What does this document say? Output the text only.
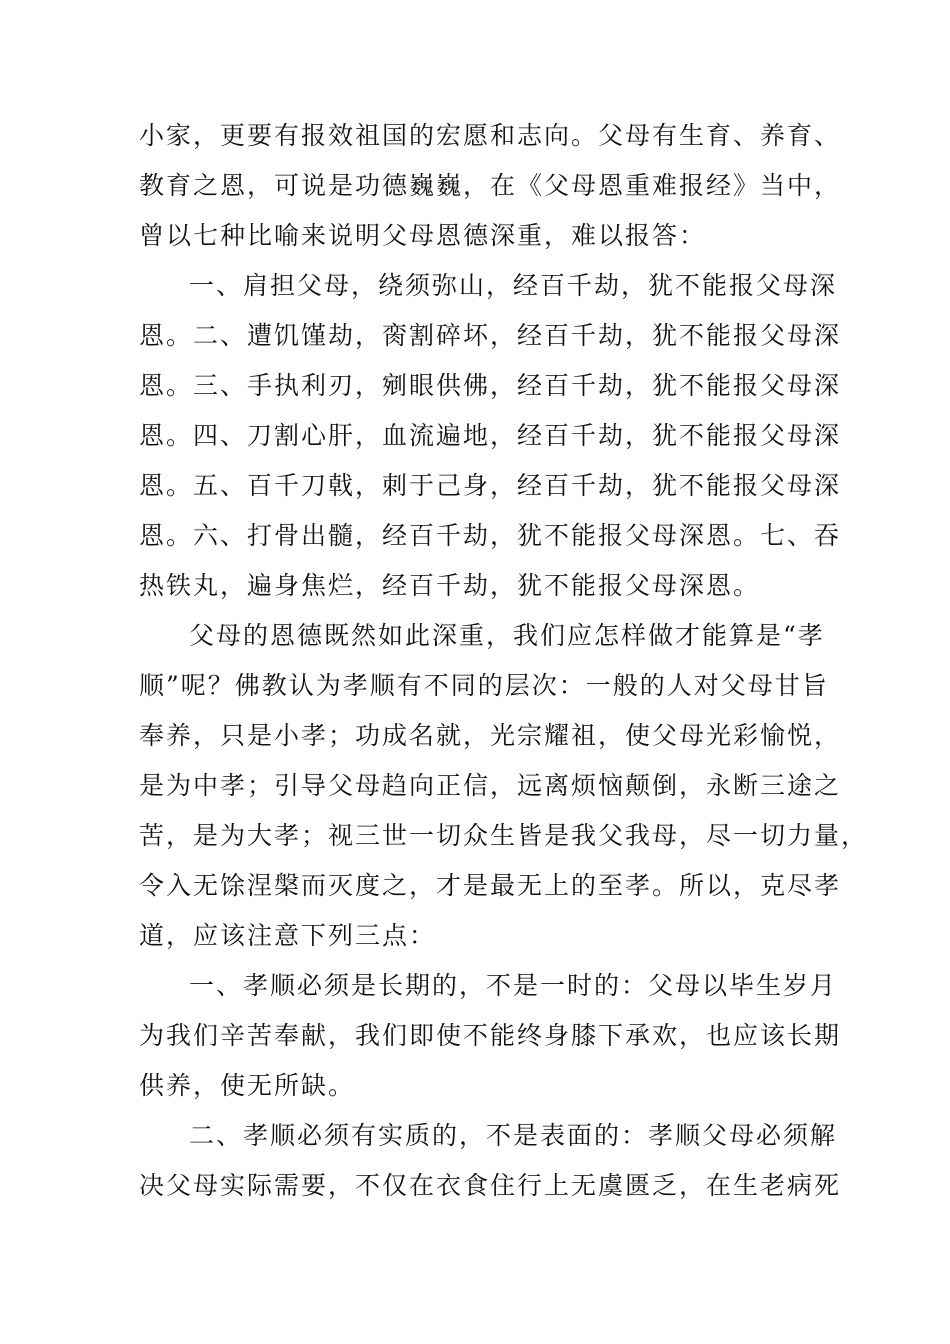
小家，更要有报效祖国的宏愿和志向。父母有生育、养育、
教育之恩，可说是功德巍巍，在《父母恩重难报经》当中，
曾以七种比喻来说明父母恩德深重，难以报答：
一、肩担父母，绕须弥山，经百千劫，犹不能报父母深
恩。二、遭饥馑劫，脔割碎坏，经百千劫，犹不能报父母深
恩。三、手执利刃，剜眼供佛，经百千劫，犹不能报父母深
恩。四、刀割心肝，血流遍地，经百千劫，犹不能报父母深
恩。五、百千刀戟，刺于己身，经百千劫，犹不能报父母深
恩。六、打骨出髓，经百千劫，犹不能报父母深恩。七、吞
热铁丸，遍身焦烂，经百千劫，犹不能报父母深恩。
父母的恩德既然如此深重，我们应怎样做才能算是“孝
顺”呢？佛教认为孝顺有不同的层次：一般的人对父母甘旨
奉养，只是小孝；功成名就，光宗耀祖，使父母光彩愉悦，
是为中孝；引导父母趋向正信，远离烦恼颠倒，永断三途之
苦，是为大孝；视三世一切众生皆是我父我母，尽一切力量，
令入无馀涅槃而灭度之，才是最无上的至孝。所以，克尽孝
道，应该注意下列三点：
一、孝顺必须是长期的，不是一时的：父母以毕生岁月
为我们辛苦奉献，我们即使不能终身膝下承欢，也应该长期
供养，使无所缺。
二、孝顺必须有实质的，不是表面的：孝顺父母必须解
决父母实际需要，不仅在衣食住行上无虞匮乏，在生老病死
